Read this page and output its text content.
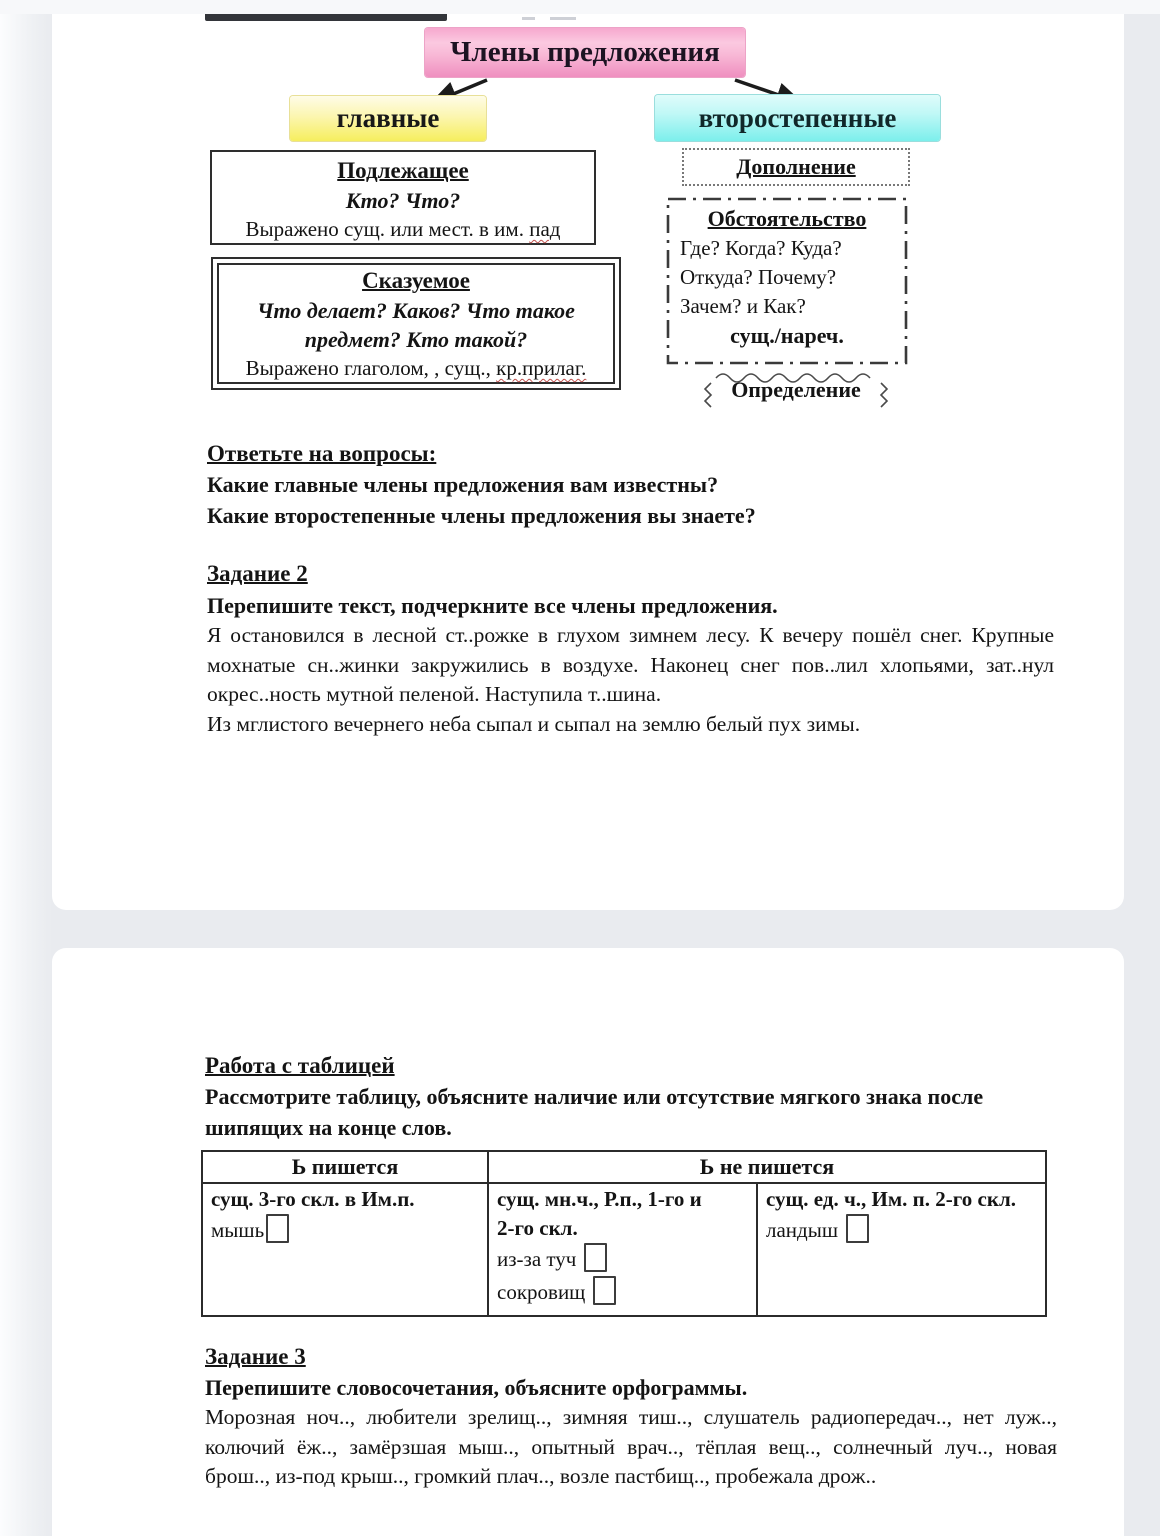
Члены предложения
главные	второстепенные
Подлежащее
Кто? Что?
Выражено сущ. или мест. в им. пад
Сказуемое
Что делает? Каков? Что такое предмет? Кто такой?
Выражено глаголом, , сущ., кр.прилаг.
Дополнение
Обстоятельство
Где? Когда? Куда?
Откуда? Почему?
Зачем? и Как?
сущ./нареч.
Определение
Ответьте на вопросы:
Какие главные члены предложения вам известны?
Какие второстепенные члены предложения вы знаете?
Задание 2
Перепишите текст, подчеркните все члены предложения.
Я остановился в лесной ст..рожке в глухом зимнем лесу. К вечеру пошёл снег. Крупные мохнатые сн..жинки закружились в воздухе. Наконец снег пов..лил хлопьями, зат..нул окрес..ность мутной пеленой. Наступила т..шина.
Из мглистого вечернего неба сыпал и сыпал на землю белый пух зимы.
Работа с таблицей
Рассмотрите таблицу, объясните наличие или отсутствие мягкого знака после шипящих на конце слов.
Ь пишется	Ь не пишется	

сущ. 3-го скл. в Им.п.
мышь

сущ. мн.ч., Р.п., 1-го и 2-го скл.
из-за туч
сокровищ

сущ. ед. ч., Им. п. 2-го скл.
ландыш
Задание 3
Перепишите словосочетания, объясните орфограммы.
Морозная ноч.., любители зрелищ.., зимняя тиш.., слушатель радиопередач.., нет луж.., колючий ёж.., замёрзшая мыш.., опытный врач.., тёплая вещ.., солнечный луч.., новая брош.., из-под крыш.., громкий плач.., возле пастбищ.., пробежала дрож..
